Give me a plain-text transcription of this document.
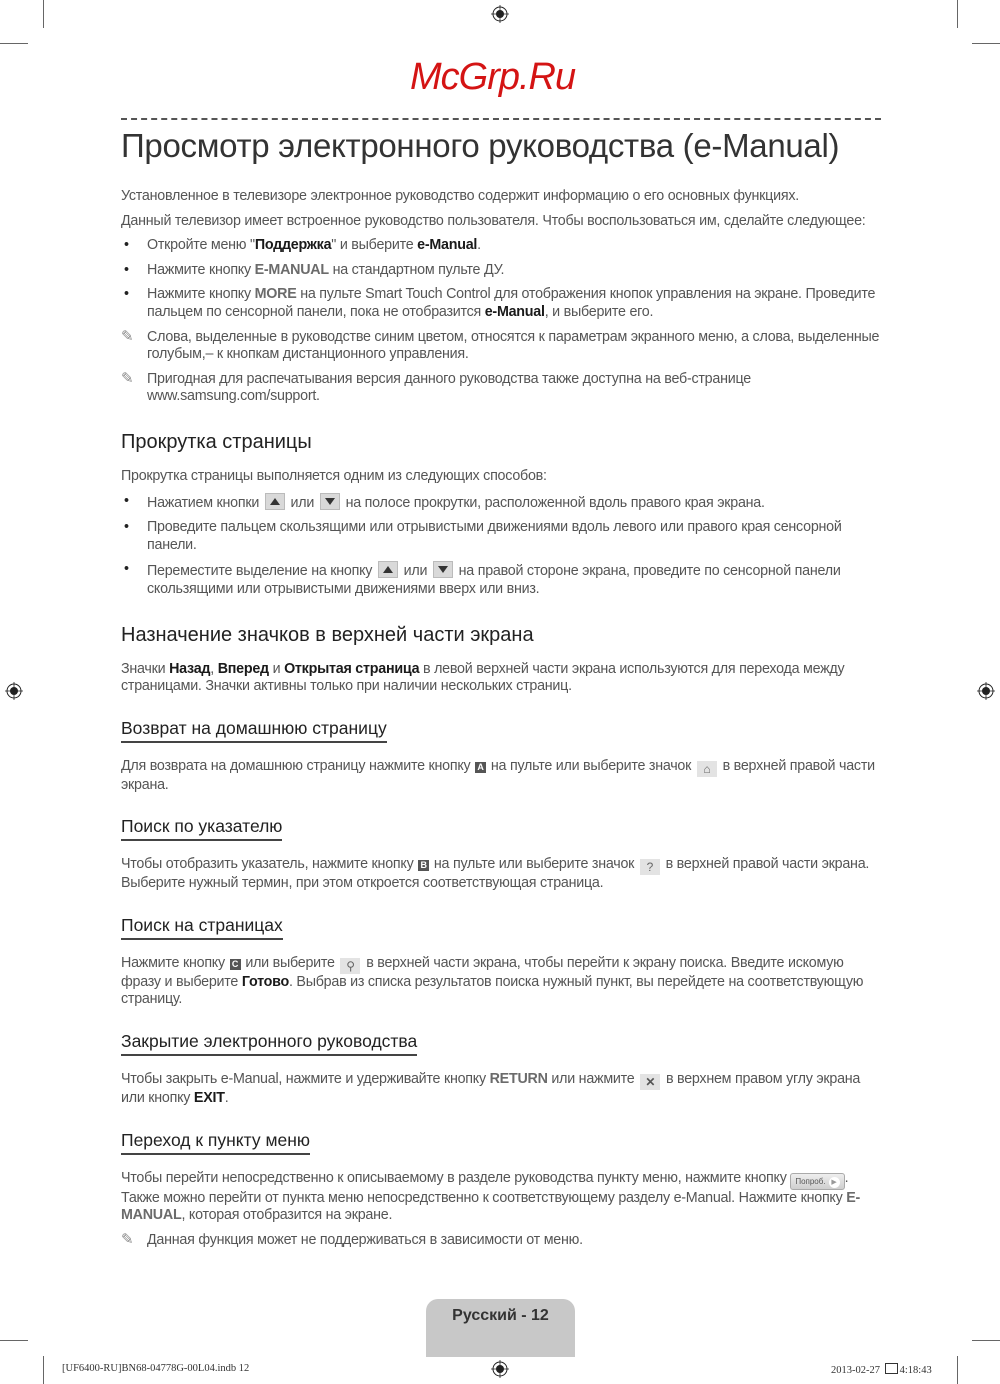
McGrp.Ru
Просмотр электронного руководства (e-Manual)
Установленное в телевизоре электронное руководство содержит информацию о его основных функциях.
Данный телевизор имеет встроенное руководство пользователя. Чтобы воспользоваться им, сделайте следующее:
• Откройте меню "Поддержка" и выберите e-Manual.
• Нажмите кнопку E-MANUAL на стандартном пульте ДУ.
• Нажмите кнопку MORE на пульте Smart Touch Control для отображения кнопок управления на экране. Проведите пальцем по сенсорной панели, пока не отобразится e-Manual, и выберите его.
✎ Слова, выделенные в руководстве синим цветом, относятся к параметрам экранного меню, а слова, выделенные голубым,– к кнопкам дистанционного управления.
✎ Пригодная для распечатывания версия данного руководства также доступна на веб-странице www.samsung.com/support.
Прокрутка страницы
Прокрутка страницы выполняется одним из следующих способов:
• Нажатием кнопки  или  на полосе прокрутки, расположенной вдоль правого края экрана.
• Проведите пальцем скользящими или отрывистыми движениями вдоль левого или правого края сенсорной панели.
• Переместите выделение на кнопку  или  на правой стороне экрана, проведите по сенсорной панели скользящими или отрывистыми движениями вверх или вниз.
Назначение значков в верхней части экрана
Значки Назад, Вперед и Открытая страница в левой верхней части экрана используются для перехода между страницами. Значки активны только при наличии нескольких страниц.
Возврат на домашнюю страницу
Для возврата на домашнюю страницу нажмите кнопку A на пульте или выберите значок ⌂ в верхней правой части экрана.
Поиск по указателю
Чтобы отобразить указатель, нажмите кнопку B на пульте или выберите значок ? в верхней правой части экрана. Выберите нужный термин, при этом откроется соответствующая страница.
Поиск на страницах
Нажмите кнопку C или выберите ⚲ в верхней части экрана, чтобы перейти к экрану поиска. Введите искомую фразу и выберите Готово. Выбрав из списка результатов поиска нужный пункт, вы перейдете на соответствующую страницу.
Закрытие электронного руководства
Чтобы закрыть e-Manual, нажмите и удерживайте кнопку RETURN или нажмите ✕ в верхнем правом углу экрана или кнопку EXIT.
Переход к пункту меню
Чтобы перейти непосредственно к описываемому в разделе руководства пункту меню, нажмите кнопку Попроб. ▶ . Также можно перейти от пункта меню непосредственно к соответствующему разделу e-Manual. Нажмите кнопку E-MANUAL, которая отобразится на экране.
✎ Данная функция может не поддерживаться в зависимости от меню.
Русский - 12
[UF6400-RU]BN68-04778G-00L04.indb 12	2013-02-27 4:18:43
